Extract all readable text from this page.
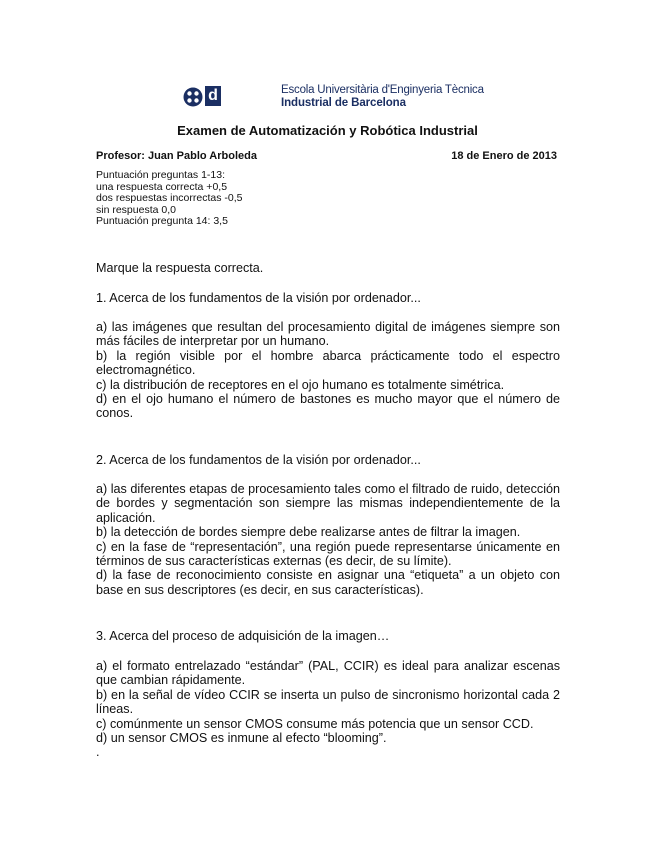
d	Escola Universitària d'Enginyeria Tècnica
Industrial de Barcelona
Examen de Automatización y Robótica Industrial
Profesor: Juan Pablo Arboleda	18 de Enero de 2013
Puntuación preguntas 1-13:
una respuesta correcta +0,5
dos respuestas incorrectas -0,5
sin respuesta 0,0
Puntuación pregunta 14: 3,5

Marque la respuesta correcta.

1. Acerca de los fundamentos de la visión por ordenador...

a) las imágenes que resultan del procesamiento digital de imágenes siempre son más fáciles de interpretar por un humano.

b) la región visible por el hombre abarca prácticamente todo el espectro electromagnético.

c) la distribución de receptores en el ojo humano es totalmente simétrica.

d) en el ojo humano el número de bastones es mucho mayor que el número de conos.

2. Acerca de los fundamentos de la visión por ordenador...

a) las diferentes etapas de procesamiento tales como el filtrado de ruido, detección de bordes y segmentación son siempre las mismas independientemente de la aplicación.

b) la detección de bordes siempre debe realizarse antes de filtrar la imagen.

c) en la fase de “representación”, una región puede representarse únicamente en términos de sus características externas (es decir, de su límite).

d) la fase de reconocimiento consiste en asignar una “etiqueta” a un objeto con base en sus descriptores (es decir, en sus características).

3. Acerca del proceso de adquisición de la imagen…

a) el formato entrelazado “estándar” (PAL, CCIR) es ideal para analizar escenas que cambian rápidamente.

b) en la señal de vídeo CCIR se inserta un pulso de sincronismo horizontal cada 2 líneas.

c) comúnmente un sensor CMOS consume más potencia que un sensor CCD.

d) un sensor CMOS es inmune al efecto “blooming”.

.
